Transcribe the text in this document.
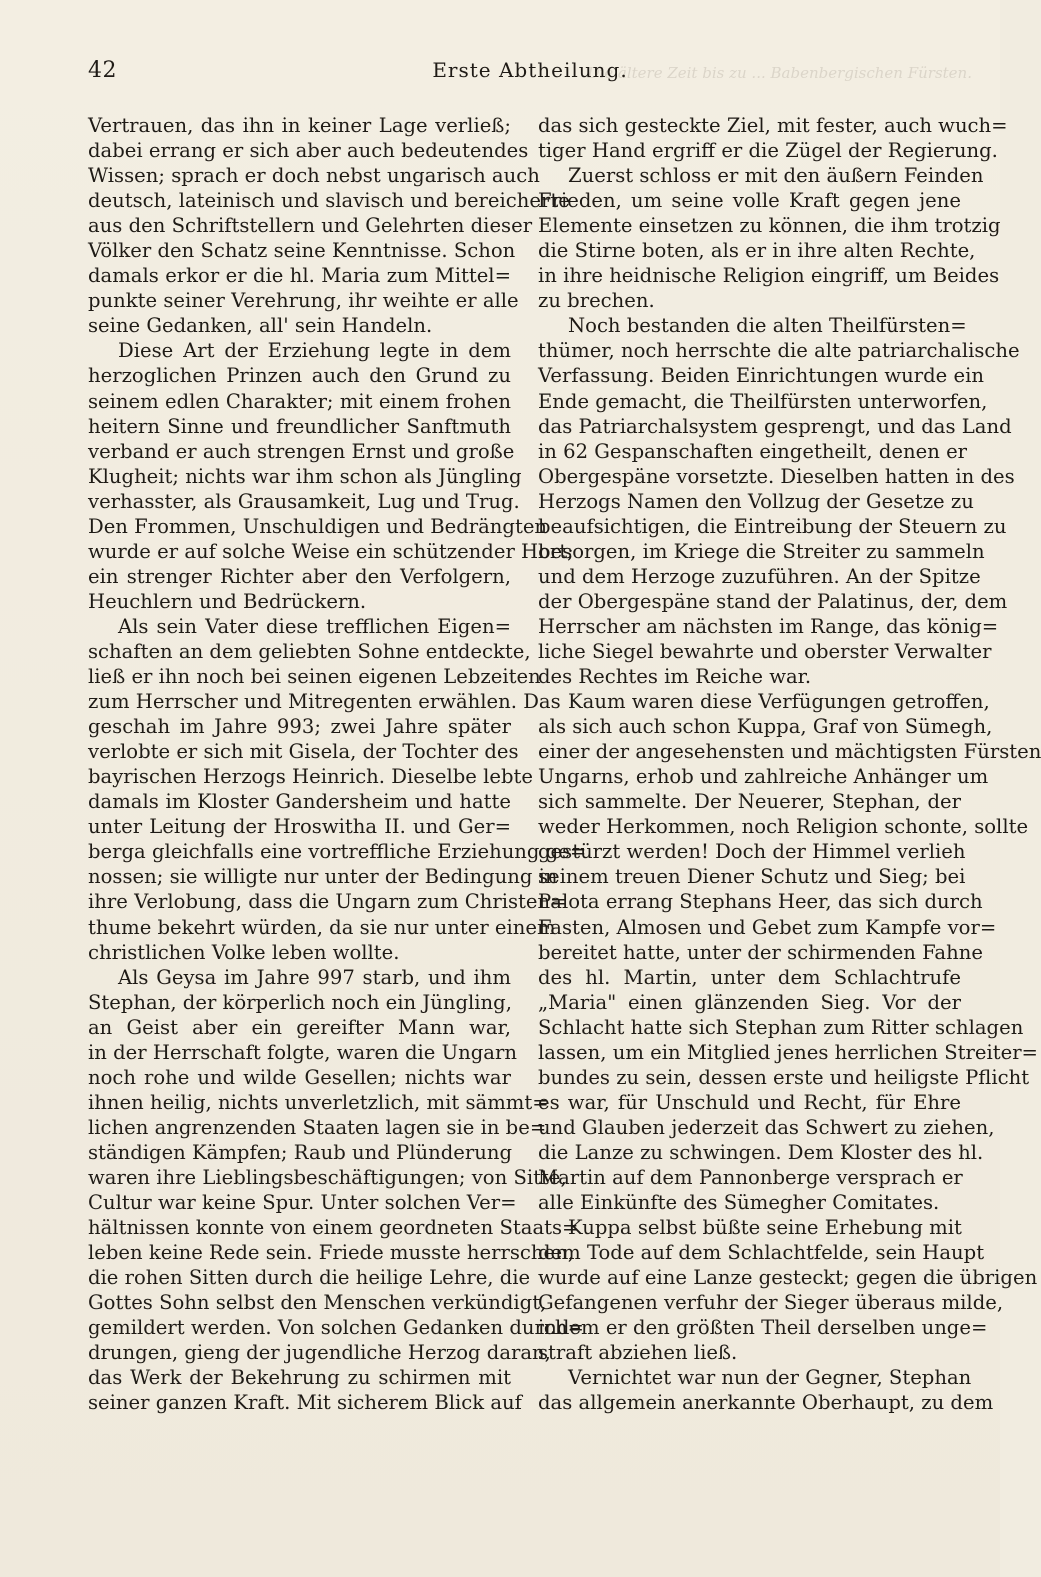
42	Erste Abtheilung.
Die ältere Zeit bis zu ... Babenbergischen Fürsten.
Vertrauen, das ihn in keiner Lage verließ;
dabei errang er sich aber auch bedeutendes
Wissen; sprach er doch nebst ungarisch auch
deutsch, lateinisch und slavisch und bereicherte
aus den Schriftstellern und Gelehrten dieser
Völker den Schatz seine Kenntnisse. Schon
damals erkor er die hl. Maria zum Mittel=
punkte seiner Verehrung, ihr weihte er alle
seine Gedanken, all' sein Handeln.
Diese Art der Erziehung legte in dem
herzoglichen Prinzen auch den Grund zu
seinem edlen Charakter; mit einem frohen
heitern Sinne und freundlicher Sanftmuth
verband er auch strengen Ernst und große
Klugheit; nichts war ihm schon als Jüngling
verhasster, als Grausamkeit, Lug und Trug.
Den Frommen, Unschuldigen und Bedrängten
wurde er auf solche Weise ein schützender Hort;
ein strenger Richter aber den Verfolgern,
Heuchlern und Bedrückern.
Als sein Vater diese trefflichen Eigen=
schaften an dem geliebten Sohne entdeckte,
ließ er ihn noch bei seinen eigenen Lebzeiten
zum Herrscher und Mitregenten erwählen. Das
geschah im Jahre 993; zwei Jahre später
verlobte er sich mit Gisela, der Tochter des
bayrischen Herzogs Heinrich. Dieselbe lebte
damals im Kloster Gandersheim und hatte
unter Leitung der Hroswitha II. und Ger=
berga gleichfalls eine vortreffliche Erziehung ge=
nossen; sie willigte nur unter der Bedingung in
ihre Verlobung, dass die Ungarn zum Christen=
thume bekehrt würden, da sie nur unter einem
christlichen Volke leben wollte.
Als Geysa im Jahre 997 starb, und ihm
Stephan, der körperlich noch ein Jüngling,
an Geist aber ein gereifter Mann war,
in der Herrschaft folgte, waren die Ungarn
noch rohe und wilde Gesellen; nichts war
ihnen heilig, nichts unverletzlich, mit sämmt=
lichen angrenzenden Staaten lagen sie in be=
ständigen Kämpfen; Raub und Plünderung
waren ihre Lieblingsbeschäftigungen; von Sitte,
Cultur war keine Spur. Unter solchen Ver=
hältnissen konnte von einem geordneten Staats=
leben keine Rede sein. Friede musste herrschen,
die rohen Sitten durch die heilige Lehre, die
Gottes Sohn selbst den Menschen verkündigt,
gemildert werden. Von solchen Gedanken durch=
drungen, gieng der jugendliche Herzog daran,
das Werk der Bekehrung zu schirmen mit
seiner ganzen Kraft. Mit sicherem Blick auf
das sich gesteckte Ziel, mit fester, auch wuch=
tiger Hand ergriff er die Zügel der Regierung.
Zuerst schloss er mit den äußern Feinden
Frieden, um seine volle Kraft gegen jene
Elemente einsetzen zu können, die ihm trotzig
die Stirne boten, als er in ihre alten Rechte,
in ihre heidnische Religion eingriff, um Beides
zu brechen.
Noch bestanden die alten Theilfürsten=
thümer, noch herrschte die alte patriarchalische
Verfassung. Beiden Einrichtungen wurde ein
Ende gemacht, die Theilfürsten unterworfen,
das Patriarchalsystem gesprengt, und das Land
in 62 Gespanschaften eingetheilt, denen er
Obergespäne vorsetzte. Dieselben hatten in des
Herzogs Namen den Vollzug der Gesetze zu
beaufsichtigen, die Eintreibung der Steuern zu
besorgen, im Kriege die Streiter zu sammeln
und dem Herzoge zuzuführen. An der Spitze
der Obergespäne stand der Palatinus, der, dem
Herrscher am nächsten im Range, das könig=
liche Siegel bewahrte und oberster Verwalter
des Rechtes im Reiche war.
Kaum waren diese Verfügungen getroffen,
als sich auch schon Kuppa, Graf von Sümegh,
einer der angesehensten und mächtigsten Fürsten
Ungarns, erhob und zahlreiche Anhänger um
sich sammelte. Der Neuerer, Stephan, der
weder Herkommen, noch Religion schonte, sollte
gestürzt werden! Doch der Himmel verlieh
seinem treuen Diener Schutz und Sieg; bei
Palota errang Stephans Heer, das sich durch
Fasten, Almosen und Gebet zum Kampfe vor=
bereitet hatte, unter der schirmenden Fahne
des hl. Martin, unter dem Schlachtrufe
„Maria" einen glänzenden Sieg. Vor der
Schlacht hatte sich Stephan zum Ritter schlagen
lassen, um ein Mitglied jenes herrlichen Streiter=
bundes zu sein, dessen erste und heiligste Pflicht
es war, für Unschuld und Recht, für Ehre
und Glauben jederzeit das Schwert zu ziehen,
die Lanze zu schwingen. Dem Kloster des hl.
Martin auf dem Pannonberge versprach er
alle Einkünfte des Sümegher Comitates.
Kuppa selbst büßte seine Erhebung mit
dem Tode auf dem Schlachtfelde, sein Haupt
wurde auf eine Lanze gesteckt; gegen die übrigen
Gefangenen verfuhr der Sieger überaus milde,
indem er den größten Theil derselben unge=
straft abziehen ließ.
Vernichtet war nun der Gegner, Stephan
das allgemein anerkannte Oberhaupt, zu dem
